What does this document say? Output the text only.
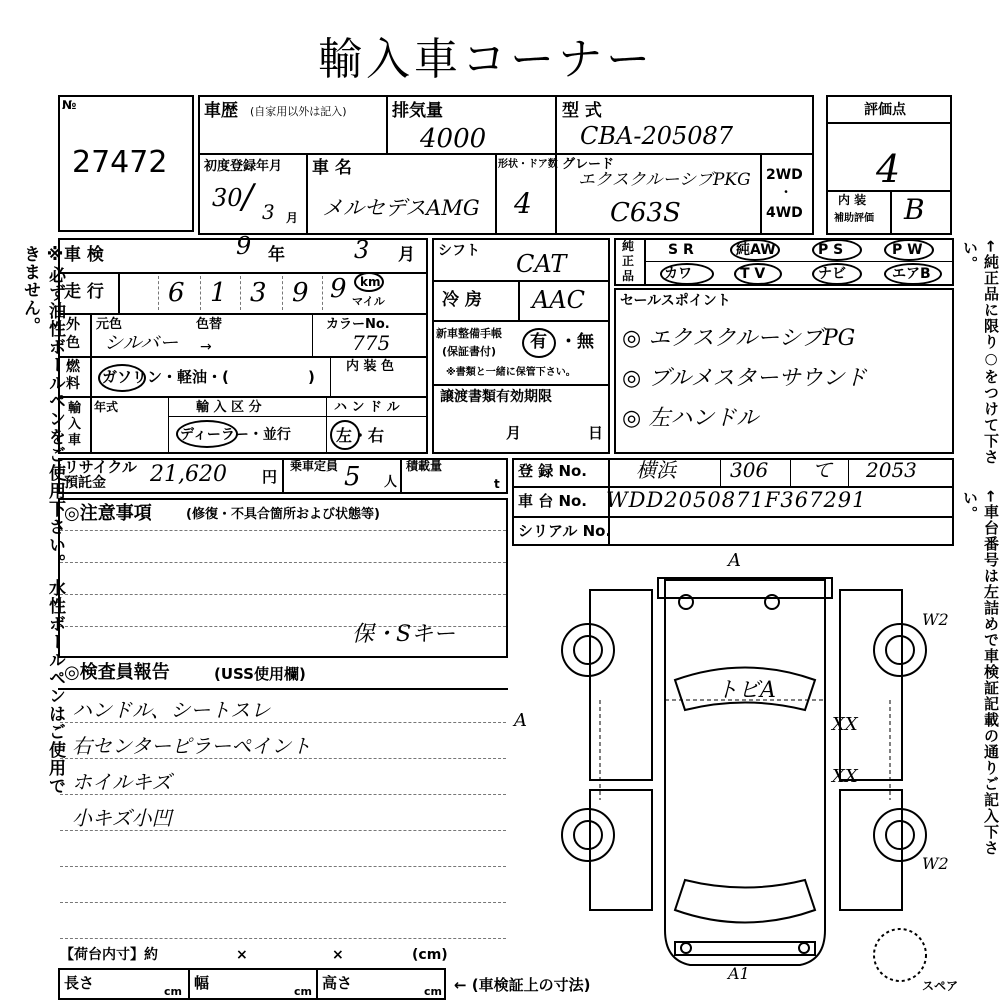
輸入車コーナー
№
27472
評価点
4
内 装
補助評価 B
車歴 (自家用以外は記入)	排気量
4000
型 式
CBA-205087
初度登録年月
30 / 3 月
車 名
メルセデスAMG
形状・ドア数
4
グレード
エクスクルーシブPKG
C63S
2WD
・
4WD
車 検	9 年	3 月
走 行 6 1 3 9 9 km
マイル
外
色
元色	色替
シルバー →
カラーNo.
775
燃
料 ガソリン・軽油・(	)
内 装 色
輸
入
車
年式	輸 入 区 分
ディーラー・並行
ハ ン ド ル
左・右
シフト CAT
冷 房 AAC
新車整備手帳
(保証書付) 有 ・無
※書類と一緒に保管下さい。
譲渡書類有効期限
月	日
純
正
品
S R	純AW	P S	P W
カワ	T V	ナビ	エアB
セールスポイント
◎ エクスクルーシブPG
◎ ブルメスターサウンド
◎ 左ハンドル
リサイクル
預託金 21,620 円
乗車定員 5 人
積載量
t
登 録 No. 横浜	306 て 2053
車 台 No. WDD2050871F367291
シリアル No.
◎注意事項	(修復・不具合箇所および状態等)
保・Sキー
◎検査員報告	(USS使用欄)
ハンドル、シートスレ
右センターピラーペイント
ホイルキズ
小キズ小凹
【荷台内寸】約	×	×	(cm)
長さ	cm 幅	cm 高さ	cm ← (車検証上の寸法)
※必ず油性ボールペンをご使用下さい。 水性ボールペンはご使用できません。	←純正品に限り○をつけて下さい。
←車台番号は左詰めで車検証記載の通りご記入下さい。
A
トビA
A	XX
XX
W2
W2
A1
スペア
